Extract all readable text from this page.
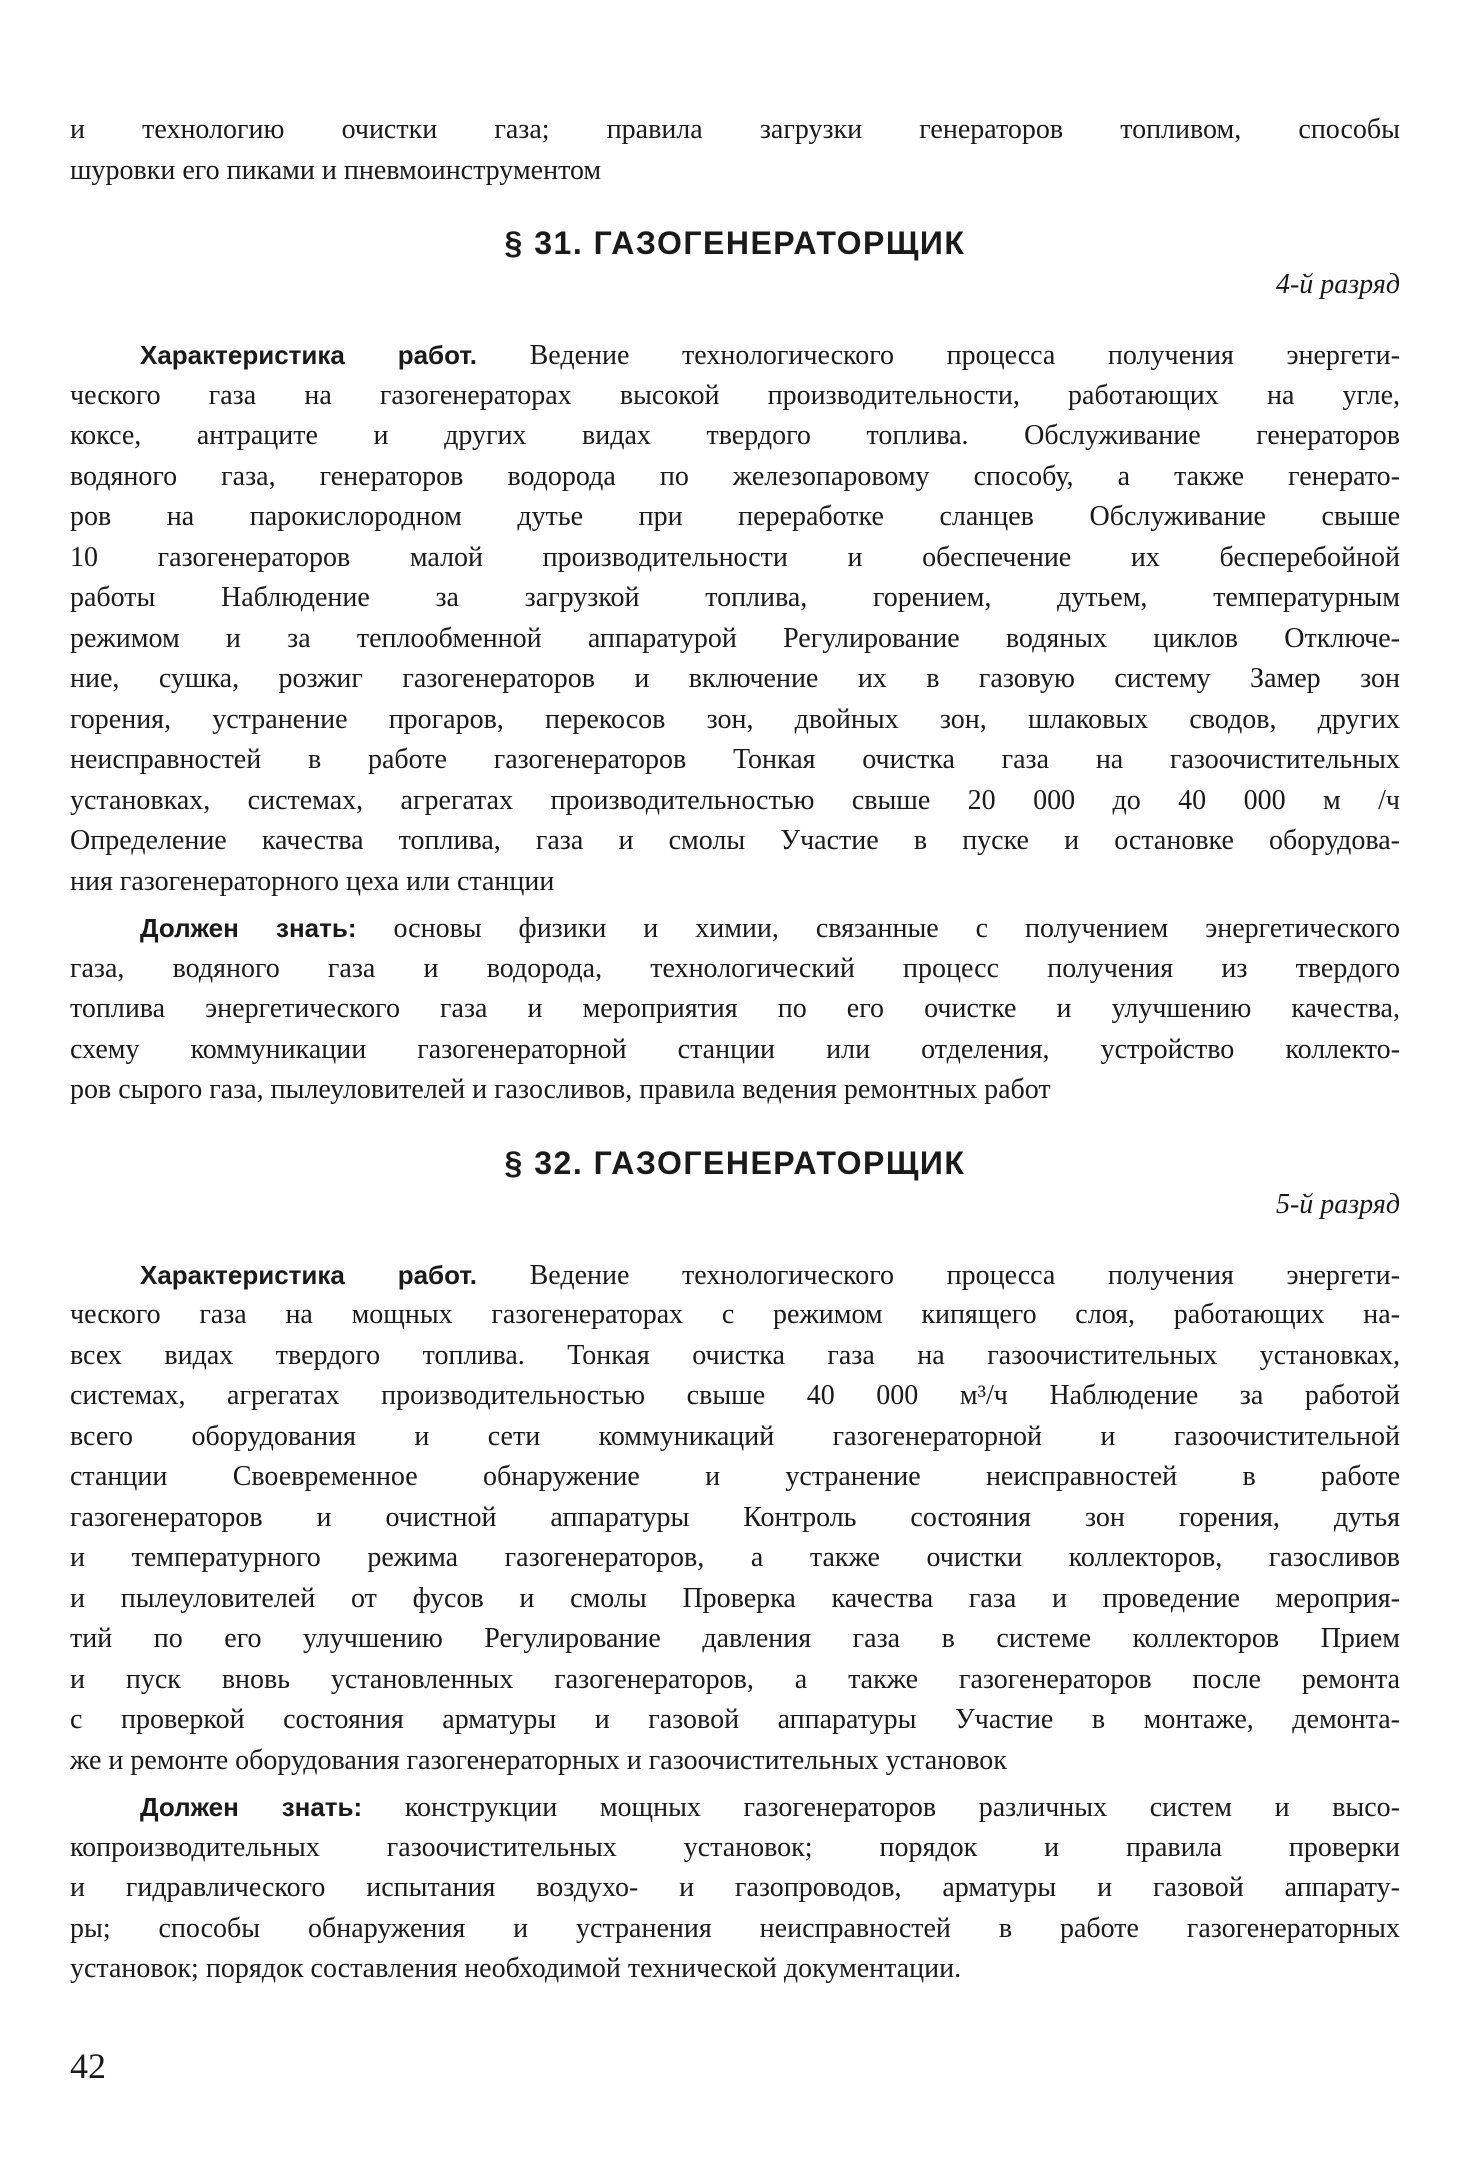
и технологию очистки газа; правила загрузки генераторов топливом, способы
шуровки его пиками и пневмоинструментом
§ 31. ГАЗОГЕНЕРАТОРЩИК
4-й разряд
Характеристика работ. Ведение технологического процесса получения энергети-
ческого газа на газогенераторах высокой производительности, работающих на угле,
коксе, антраците и других видах твердого топлива. Обслуживание генераторов
водяного газа, генераторов водорода по железопаровому способу, а также генерато-
ров на парокислородном дутье при переработке сланцев Обслуживание свыше
10 газогенераторов малой производительности и обеспечение их бесперебойной
работы Наблюдение за загрузкой топлива, горением, дутьем, температурным
режимом и за теплообменной аппаратурой Регулирование водяных циклов Отключе-
ние, сушка, розжиг газогенераторов и включение их в газовую систему Замер зон
горения, устранение прогаров, перекосов зон, двойных зон, шлаковых сводов, других
неисправностей в работе газогенераторов Тонкая очистка газа на газоочистительных
установках, системах, агрегатах производительностью свыше 20 000 до 40 000 м /ч
Определение качества топлива, газа и смолы Участие в пуске и остановке оборудова-
ния газогенераторного цеха или станции
Должен знать: основы физики и химии, связанные с получением энергетического
газа, водяного газа и водорода, технологический процесс получения из твердого
топлива энергетического газа и мероприятия по его очистке и улучшению качества,
схему коммуникации газогенераторной станции или отделения, устройство коллекто-
ров сырого газа, пылеуловителей и газосливов, правила ведения ремонтных работ
§ 32. ГАЗОГЕНЕРАТОРЩИК
5-й разряд
Характеристика работ. Ведение технологического процесса получения энергети-
ческого газа на мощных газогенераторах с режимом кипящего слоя, работающих на-
всех видах твердого топлива. Тонкая очистка газа на газоочистительных установках,
системах, агрегатах производительностью свыше 40 000 м³/ч Наблюдение за работой
всего оборудования и сети коммуникаций газогенераторной и газоочистительной
станции Своевременное обнаружение и устранение неисправностей в работе
газогенераторов и очистной аппаратуры Контроль состояния зон горения, дутья
и температурного режима газогенераторов, а также очистки коллекторов, газосливов
и пылеуловителей от фусов и смолы Проверка качества газа и проведение мероприя-
тий по его улучшению Регулирование давления газа в системе коллекторов Прием
и пуск вновь установленных газогенераторов, а также газогенераторов после ремонта
с проверкой состояния арматуры и газовой аппаратуры Участие в монтаже, демонта-
же и ремонте оборудования газогенераторных и газоочистительных установок
Должен знать: конструкции мощных газогенераторов различных систем и высо-
копроизводительных газоочистительных установок; порядок и правила проверки
и гидравлического испытания воздухо- и газопроводов, арматуры и газовой аппарату-
ры; способы обнаружения и устранения неисправностей в работе газогенераторных
установок; порядок составления необходимой технической документации.
42
